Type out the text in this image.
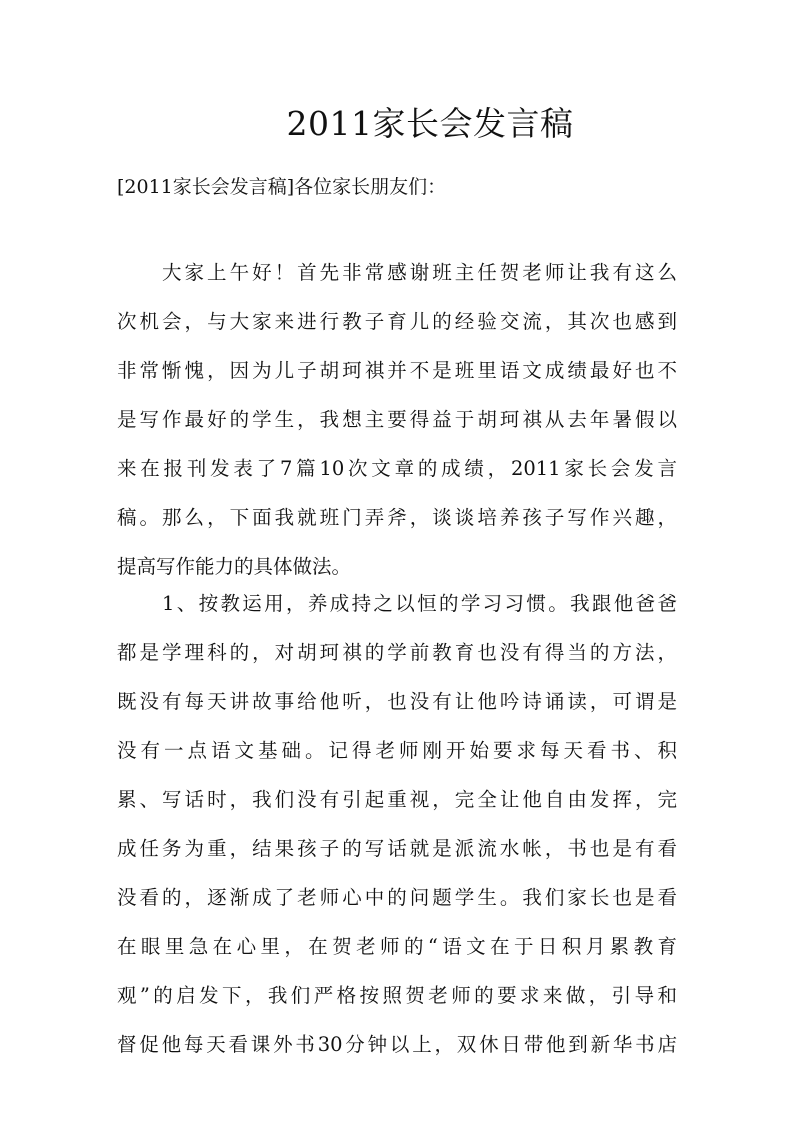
2011家长会发言稿
[2011家长会发言稿]各位家长朋友们：
大家上午好！首先非常感谢班主任贺老师让我有这么
次机会，与大家来进行教子育儿的经验交流，其次也感到
非常惭愧，因为儿子胡珂祺并不是班里语文成绩最好也不
是写作最好的学生，我想主要得益于胡珂祺从去年暑假以
来在报刊发表了7篇10次文章的成绩，2011家长会发言
稿。那么，下面我就班门弄斧，谈谈培养孩子写作兴趣，
提高写作能力的具体做法。
1、按教运用，养成持之以恒的学习习惯。我跟他爸爸
都是学理科的，对胡珂祺的学前教育也没有得当的方法，
既没有每天讲故事给他听，也没有让他吟诗诵读，可谓是
没有一点语文基础。记得老师刚开始要求每天看书、积
累、写话时，我们没有引起重视，完全让他自由发挥，完
成任务为重，结果孩子的写话就是派流水帐，书也是有看
没看的，逐渐成了老师心中的问题学生。我们家长也是看
在眼里急在心里，在贺老师的“语文在于日积月累教育
观”的启发下，我们严格按照贺老师的要求来做，引导和
督促他每天看课外书30分钟以上，双休日带他到新华书店
